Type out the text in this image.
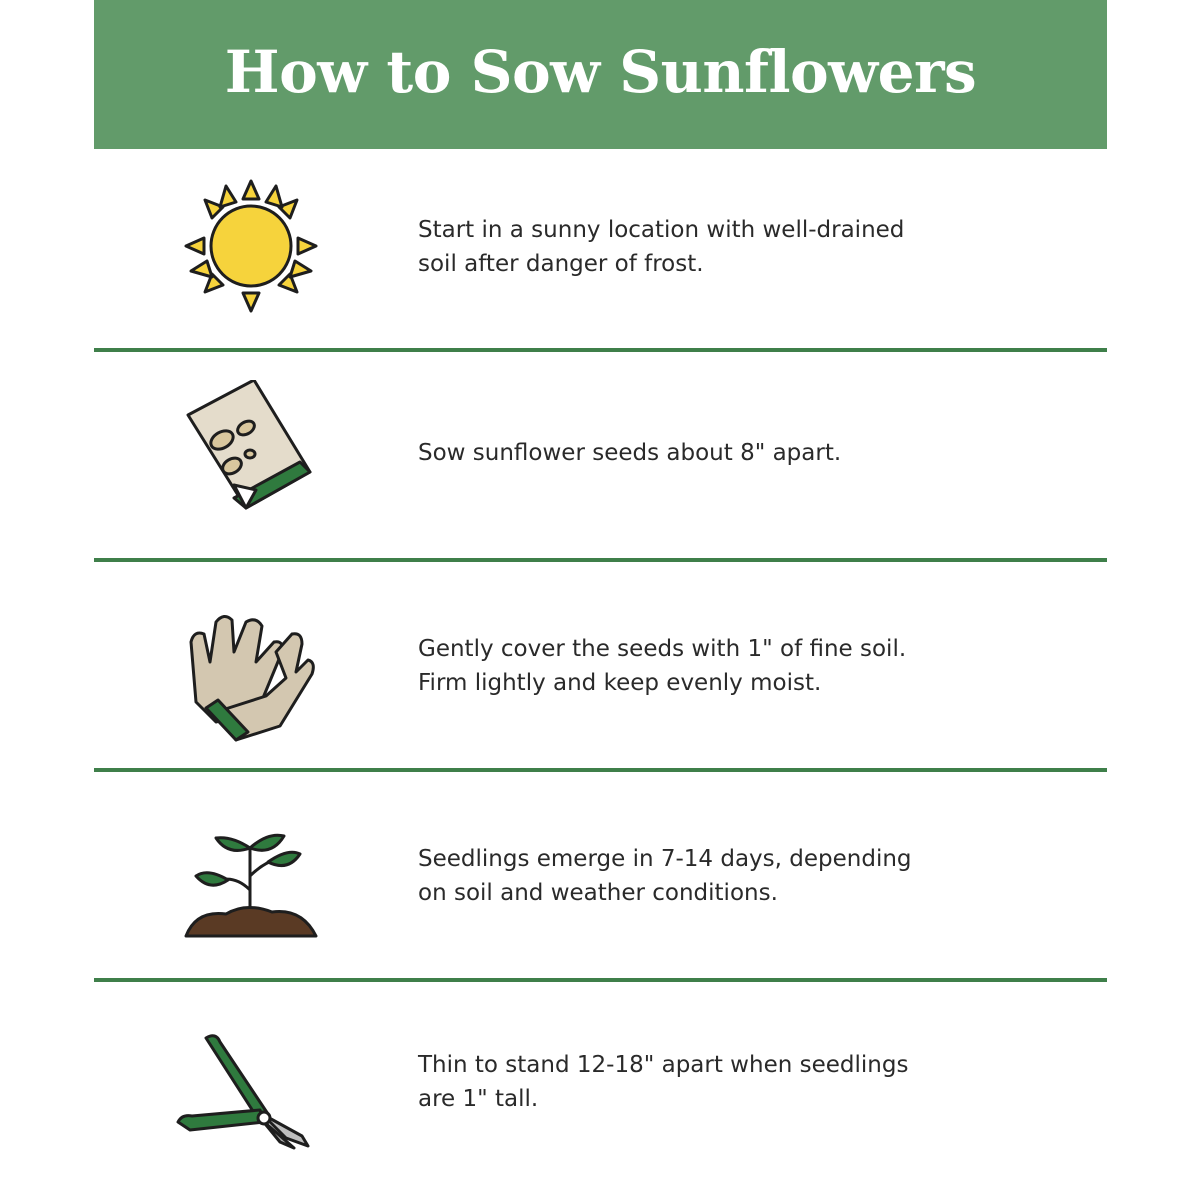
How to Sow Sunflowers
Start in a sunny location with well-drained
soil after danger of frost.
Sow sunflower seeds about 8" apart.
Gently cover the seeds with 1" of fine soil.
Firm lightly and keep evenly moist.
Seedlings emerge in 7-14 days, depending
on soil and weather conditions.
Thin to stand 12-18" apart when seedlings
are 1" tall.
